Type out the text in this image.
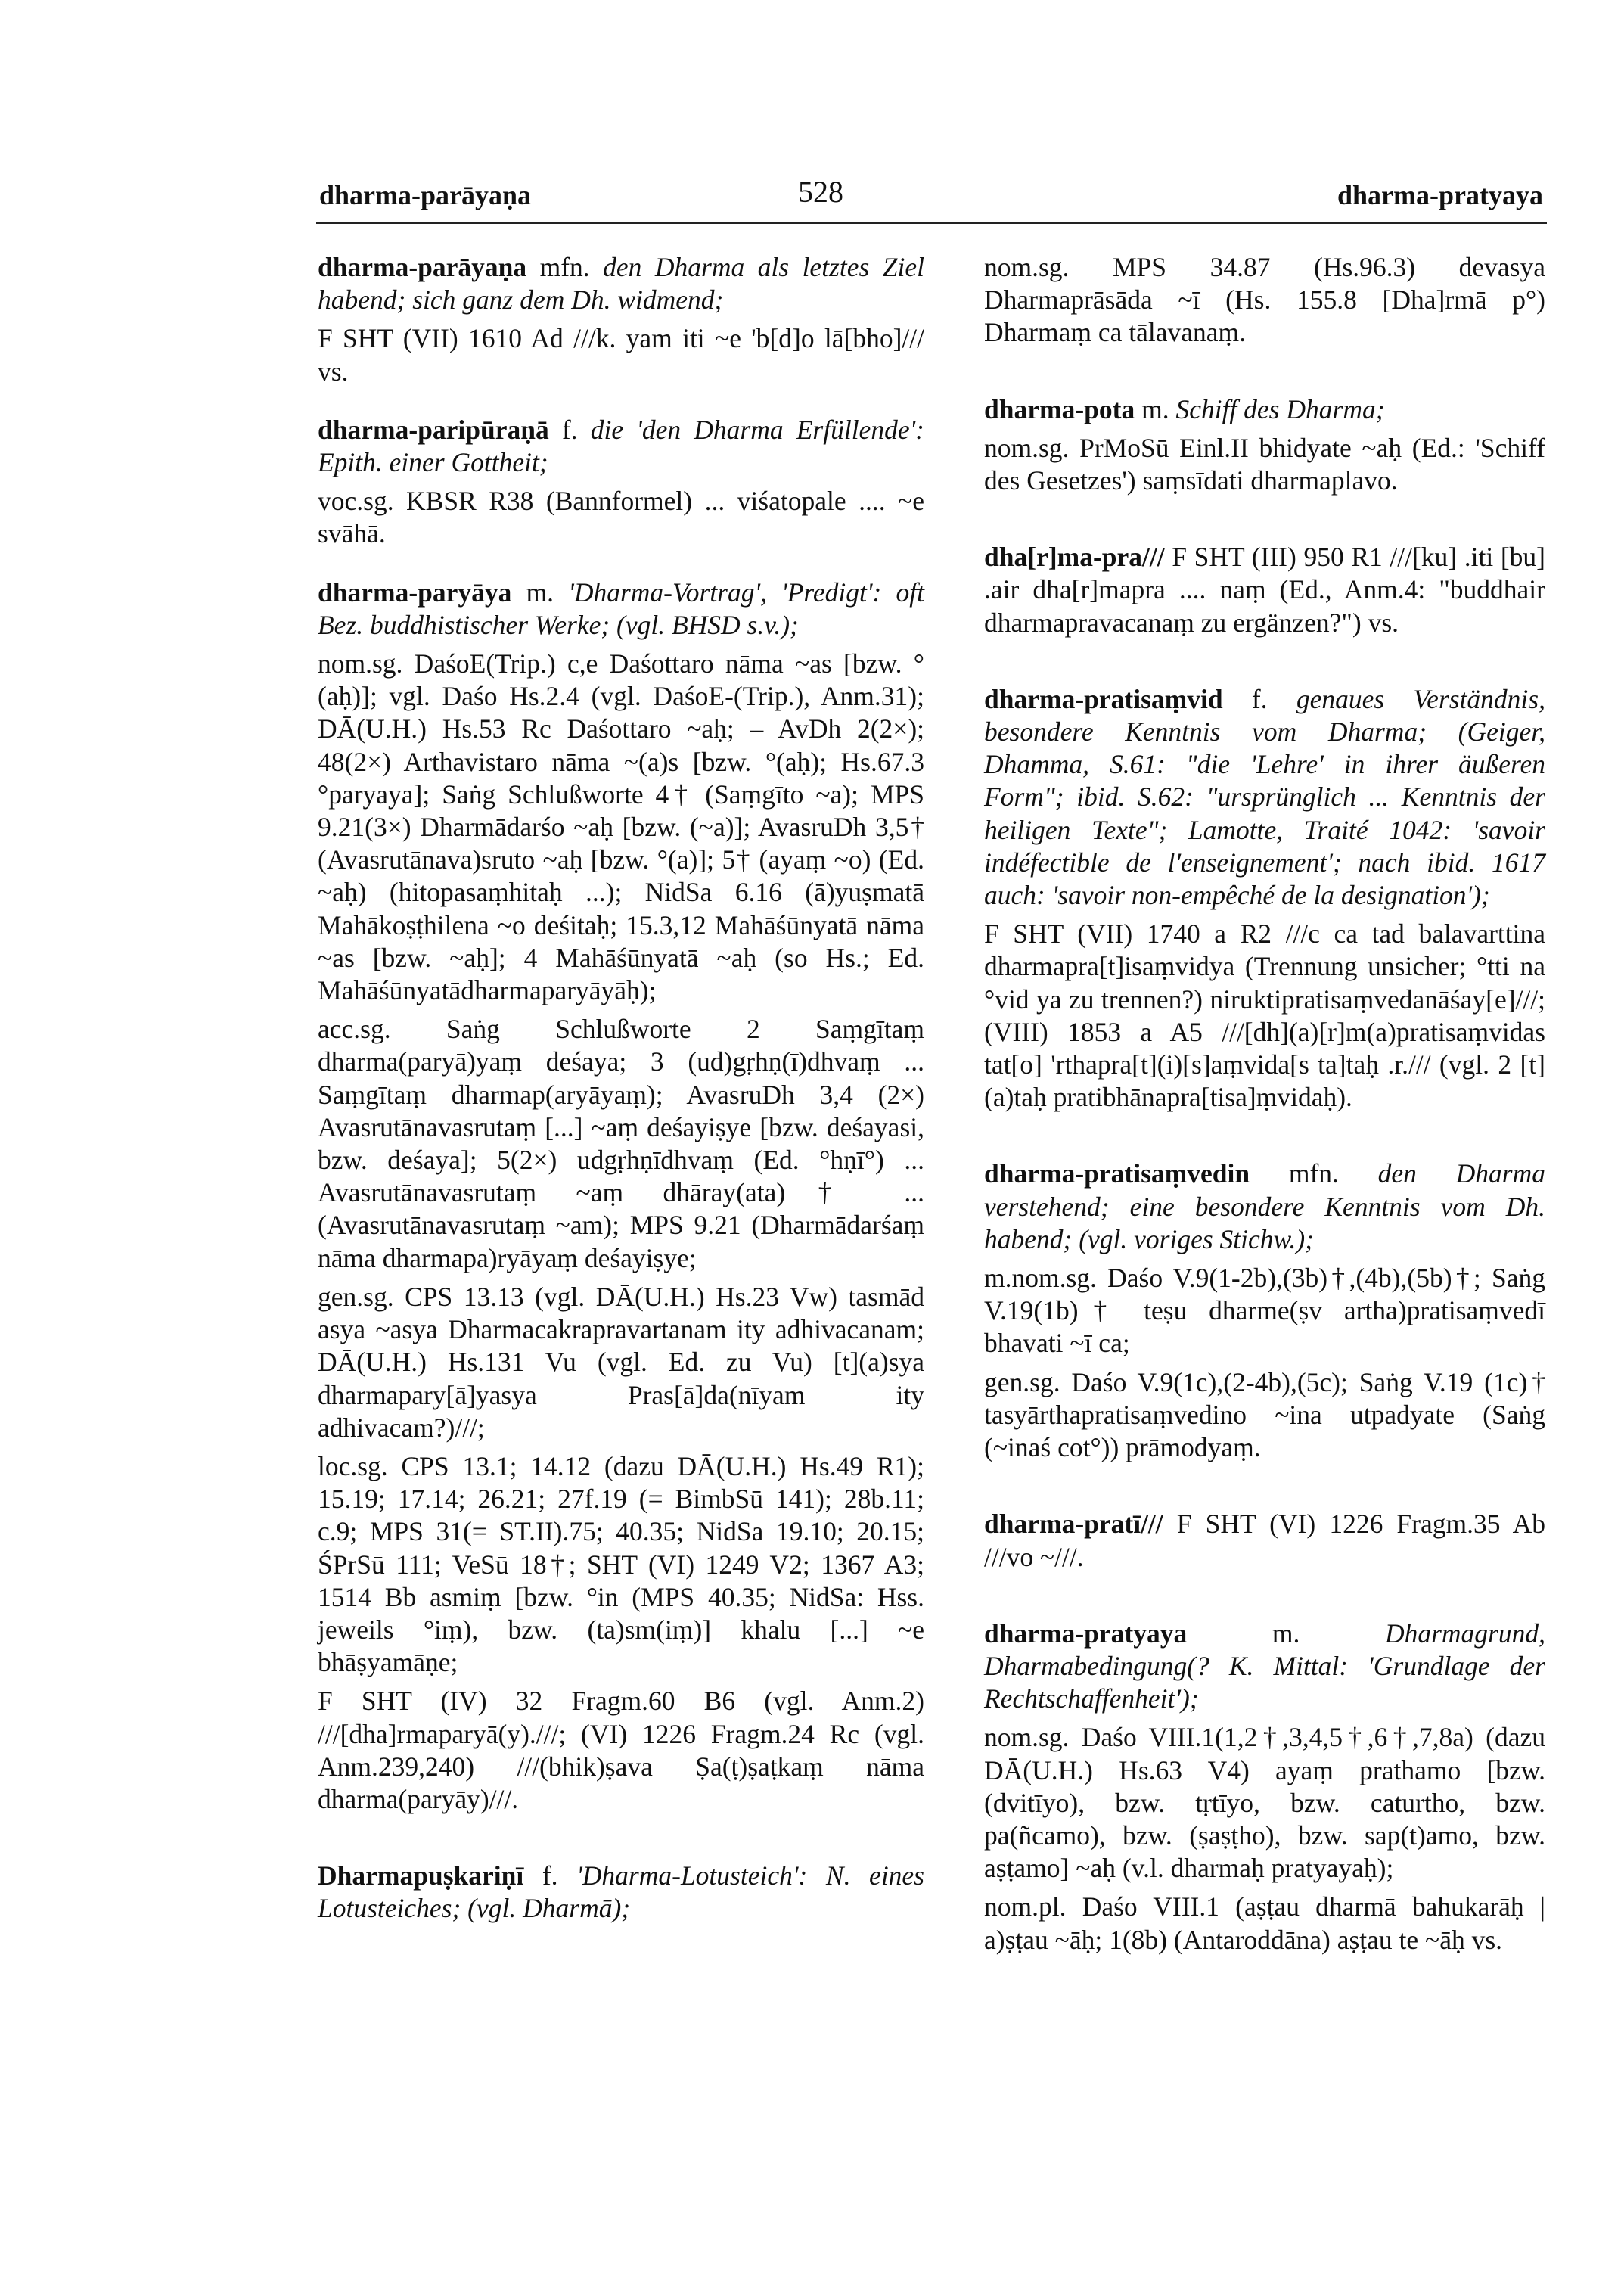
dharma-parāyaṇa	528	dharma-pratyaya
dharma-parāyaṇa mfn. den Dharma als letztes Ziel habend; sich ganz dem Dh. widmend;
F SHT (VII) 1610 Ad ///k. yam iti ~e 'b[d]o lā[bho]/// vs.
dharma-paripūraṇā f. die 'den Dharma Erfüllende': Epith. einer Gottheit;
voc.sg. KBSR R38 (Bannformel) ... viśatopale .... ~e svāhā.
dharma-paryāya m. 'Dharma-Vortrag', 'Predigt': oft Bez. buddhistischer Werke; (vgl. BHSD s.v.);
nom.sg. DaśoE(Trip.) c,e Daśottaro nāma ~as [bzw. °(aḥ)]; vgl. Daśo Hs.2.4 (vgl. DaśoE-(Trip.), Anm.31); DĀ(U.H.) Hs.53 Rc Daśottaro ~aḥ; – AvDh 2(2×); 48(2×) Arthavistaro nāma ~(a)s [bzw. °(aḥ); Hs.67.3 °paryaya]; Saṅg Schlußworte 4† (Saṃgīto ~a); MPS 9.21(3×) Dharmādarśo ~aḥ [bzw. (~a)]; AvasruDh 3,5† (Avasrutānava)sruto ~aḥ [bzw. °(a)]; 5† (ayaṃ ~o) (Ed. ~aḥ) (hitopasaṃhitaḥ ...); NidSa 6.16 (ā)yuṣmatā Mahākoṣṭhilena ~o deśitaḥ; 15.3,12 Mahāśūnyatā nāma ~as [bzw. ~aḥ]; 4 Mahāśūnyatā ~aḥ (so Hs.; Ed. Mahāśūnyatādharmaparyāyāḥ);
acc.sg. Saṅg Schlußworte 2 Saṃgītaṃ dharma(paryā)yaṃ deśaya; 3 (ud)gṛhṇ(ī)dhvaṃ ... Saṃgītaṃ dharmap(aryāyaṃ); AvasruDh 3,4 (2×) Avasrutānavasrutaṃ [...] ~aṃ deśayiṣye [bzw. deśayasi, bzw. deśaya]; 5(2×) udgṛhṇīdhvaṃ (Ed. °hṇī°) ... Avasrutānavasrutaṃ ~aṃ dhāray(ata)† ... (Avasrutānavasrutaṃ ~am); MPS 9.21 (Dharmādarśaṃ nāma dharmapa)ryāyaṃ deśayiṣye;
gen.sg. CPS 13.13 (vgl. DĀ(U.H.) Hs.23 Vw) tasmād asya ~asya Dharmacakrapravartanam ity adhivacanam; DĀ(U.H.) Hs.131 Vu (vgl. Ed. zu Vu) [t](a)sya dharmapary[ā]yasya Pras[ā]da(nīyam ity adhivacam?)///;
loc.sg. CPS 13.1; 14.12 (dazu DĀ(U.H.) Hs.49 R1); 15.19; 17.14; 26.21; 27f.19 (= BimbSū 141); 28b.11; c.9; MPS 31(= ST.II).75; 40.35; NidSa 19.10; 20.15; ŚPrSū 111; VeSū 18†; SHT (VI) 1249 V2; 1367 A3; 1514 Bb asmiṃ [bzw. °in (MPS 40.35; NidSa: Hss. jeweils °iṃ), bzw. (ta)sm(iṃ)] khalu [...] ~e bhāṣyamāṇe;
F SHT (IV) 32 Fragm.60 B6 (vgl. Anm.2) ///[dha]rmaparyā(y).///; (VI) 1226 Fragm.24 Rc (vgl. Anm.239,240) ///(bhik)ṣava Ṣa(ṭ)ṣaṭkaṃ nāma dharma(paryāy)///.
Dharmapuṣkariṇī f. 'Dharma-Lotusteich': N. eines Lotusteiches; (vgl. Dharmā);
nom.sg. MPS 34.87 (Hs.96.3) devasya Dharmaprāsāda ~ī (Hs. 155.8 [Dha]rmā p°) Dharmaṃ ca tālavanaṃ.
dharma-pota m. Schiff des Dharma;
nom.sg. PrMoSū Einl.II bhidyate ~aḥ (Ed.: 'Schiff des Gesetzes') saṃsīdati dharmaplavo.
dha[r]ma-pra/// F SHT (III) 950 R1 ///[ku] .iti [bu] .air dha[r]mapra .... naṃ (Ed., Anm.4: "buddhair dharmapravacanaṃ zu ergänzen?") vs.
dharma-pratisaṃvid f. genaues Verständnis, besondere Kenntnis vom Dharma; (Geiger, Dhamma, S.61: "die 'Lehre' in ihrer äußeren Form"; ibid. S.62: "ursprünglich ... Kenntnis der heiligen Texte"; Lamotte, Traité 1042: 'savoir indéfectible de l'enseignement'; nach ibid. 1617 auch: 'savoir non-empêché de la designation');
F SHT (VII) 1740 a R2 ///c ca tad balavarttina dharmapra[t]isaṃvidya (Trennung unsicher; °tti na °vid ya zu trennen?) niruktipratisaṃvedanāśay[e]///; (VIII) 1853 a A5 ///[dh](a)[r]m(a)pratisaṃvidas tat[o] 'rthapra[t](i)[s]aṃvida[s ta]taḥ .r./// (vgl. 2 [t](a)taḥ pratibhānapra[tisa]ṃvidaḥ).
dharma-pratisaṃvedin mfn. den Dharma verstehend; eine besondere Kenntnis vom Dh. habend; (vgl. voriges Stichw.);
m.nom.sg. Daśo V.9(1-2b),(3b)†,(4b),(5b)†; Saṅg V.19(1b)† teṣu dharme(ṣv artha)pratisaṃvedī bhavati ~ī ca;
gen.sg. Daśo V.9(1c),(2-4b),(5c); Saṅg V.19 (1c)† tasyārthapratisaṃvedino ~ina utpadyate (Saṅg (~inaś cot°)) prāmodyaṃ.
dharma-pratī/// F SHT (VI) 1226 Fragm.35 Ab ///vo ~///.
dharma-pratyaya m. Dharmagrund, Dharmabedingung(? K. Mittal: 'Grundlage der Rechtschaffenheit');
nom.sg. Daśo VIII.1(1,2†,3,4,5†,6†,7,8a) (dazu DĀ(U.H.) Hs.63 V4) ayaṃ prathamo [bzw. (dvitīyo), bzw. tṛtīyo, bzw. caturtho, bzw. pa(ñcamo), bzw. (ṣaṣṭho), bzw. sap(t)amo, bzw. aṣṭamo] ~aḥ (v.l. dharmaḥ pratyayaḥ);
nom.pl. Daśo VIII.1 (aṣṭau dharmā bahukarāḥ | a)ṣṭau ~āḥ; 1(8b) (Antaroddāna) aṣṭau te ~āḥ vs.
